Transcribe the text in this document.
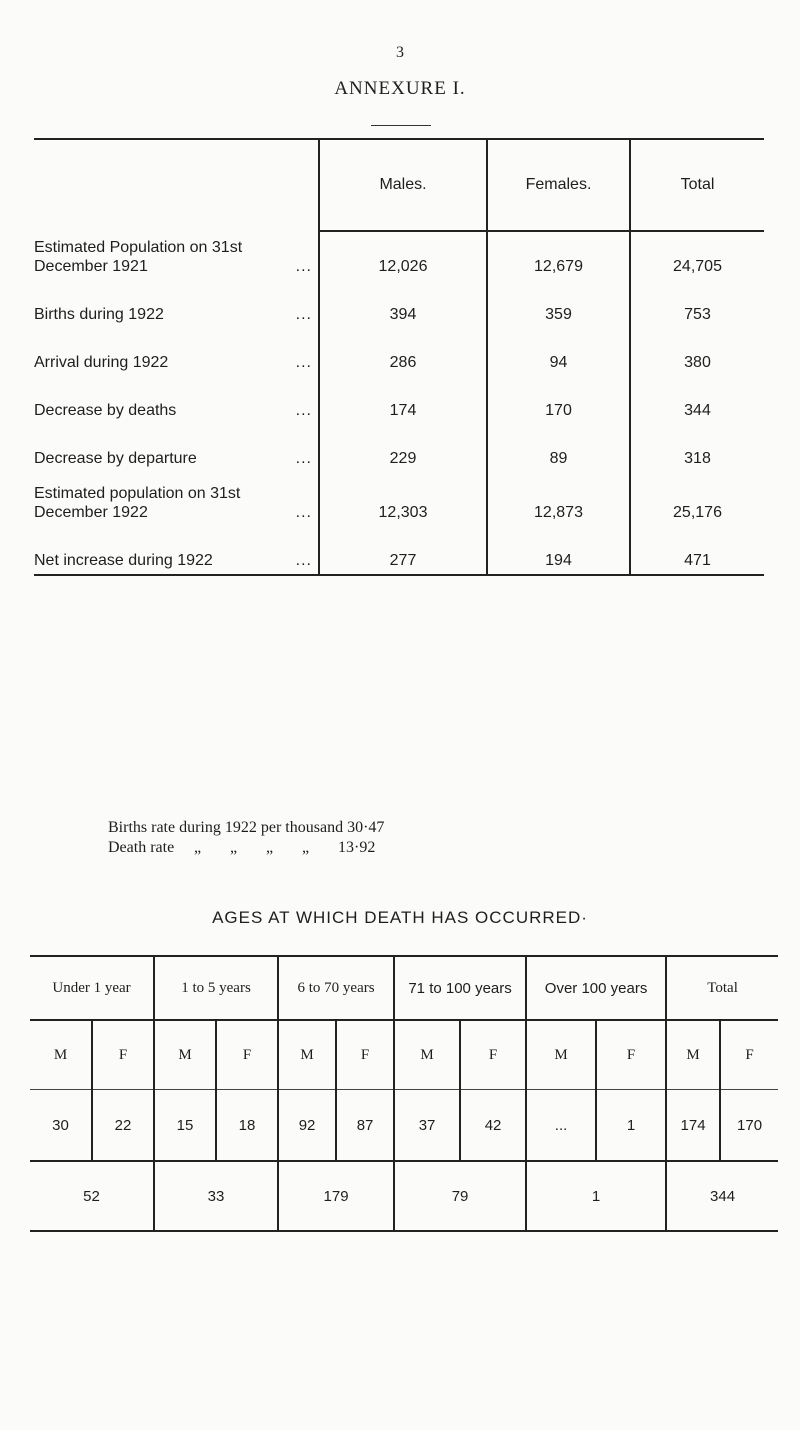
3
ANNEXURE I.
	Males.	Females.	Total

Estimated Population on 31st
December 1921 ...	12,026	12,679	24,705

Births during 1922 ...	394	359	753

Arrival during 1922 ...	286	94	380

Decrease by deaths ...	174	170	344

Decrease by departure ...	229	89	318

Estimated population on 31st
December 1922 ...	12,303	12,873	25,176

Net increase during 1922 ...	277	194	471
Births rate during 1922 per thousand
30·47
Death rate	„	„	„	„	13·92
AGES AT WHICH DEATH HAS OCCURRED·
Under 1 year		1 to 5 years		6 to 70 years		71 to 100 years		Over 100 years		Total	
M	F	M	F	M	F	M	F	M	F	M	F
30	22	15	18	92	87	37	42	...	1	174	170
52		33		179		79		1		344	
